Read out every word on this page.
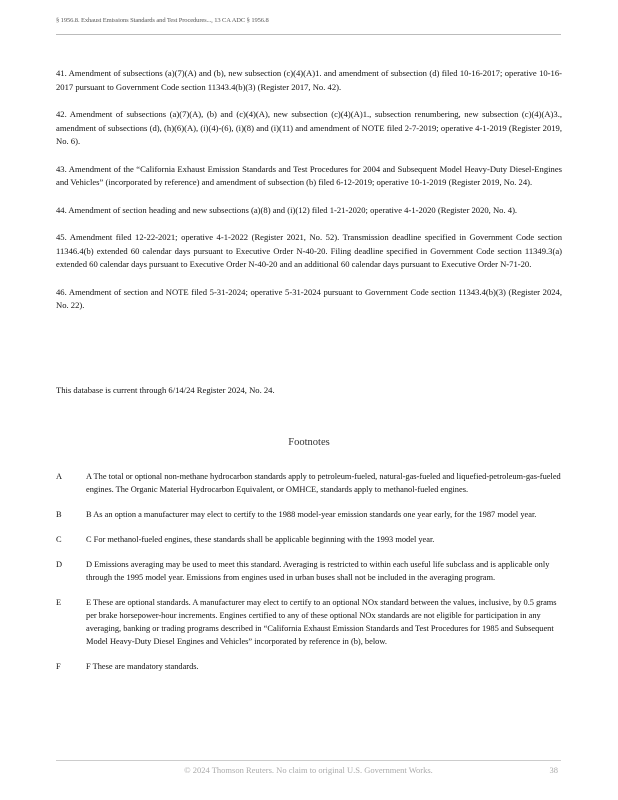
§ 1956.8. Exhaust Emissions Standards and Test Procedures..., 13 CA ADC § 1956.8

41. Amendment of subsections (a)(7)(A) and (b), new subsection (c)(4)(A)1. and amendment of subsection (d) filed 10-16-2017; operative 10-16-2017 pursuant to Government Code section 11343.4(b)(3) (Register 2017, No. 42).

42. Amendment of subsections (a)(7)(A), (b) and (c)(4)(A), new subsection (c)(4)(A)1., subsection renumbering, new subsection (c)(4)(A)3., amendment of subsections (d), (h)(6)(A), (i)(4)-(6), (i)(8) and (i)(11) and amendment of NOTE filed 2-7-2019; operative 4-1-2019 (Register 2019, No. 6).

43. Amendment of the “California Exhaust Emission Standards and Test Procedures for 2004 and Subsequent Model Heavy-Duty Diesel-Engines and Vehicles” (incorporated by reference) and amendment of subsection (b) filed 6-12-2019; operative 10-1-2019 (Register 2019, No. 24).

44. Amendment of section heading and new subsections (a)(8) and (i)(12) filed 1-21-2020; operative 4-1-2020 (Register 2020, No. 4).

45. Amendment filed 12-22-2021; operative 4-1-2022 (Register 2021, No. 52). Transmission deadline specified in Government Code section 11346.4(b) extended 60 calendar days pursuant to Executive Order N-40-20. Filing deadline specified in Government Code section 11349.3(a) extended 60 calendar days pursuant to Executive Order N-40-20 and an additional 60 calendar days pursuant to Executive Order N-71-20.

46. Amendment of section and NOTE filed 5-31-2024; operative 5-31-2024 pursuant to Government Code section 11343.4(b)(3) (Register 2024, No. 22).

This database is current through 6/14/24 Register 2024, No. 24.
Footnotes
A	A The total or optional non-methane hydrocarbon standards apply to petroleum-fueled, natural-gas-fueled and liquefied-petroleum-gas-fueled engines. The Organic Material Hydrocarbon Equivalent, or OMHCE, standards apply to methanol-fueled engines.
B	B As an option a manufacturer may elect to certify to the 1988 model-year emission standards one year early, for the 1987 model year.
C	C For methanol-fueled engines, these standards shall be applicable beginning with the 1993 model year.
D	D Emissions averaging may be used to meet this standard. Averaging is restricted to within each useful life subclass and is applicable only through the 1995 model year. Emissions from engines used in urban buses shall not be included in the averaging program.
E	E These are optional standards. A manufacturer may elect to certify to an optional NOx standard between the values, inclusive, by 0.5 grams per brake horsepower-hour increments. Engines certified to any of these optional NOx standards are not eligible for participation in any averaging, banking or trading programs described in “California Exhaust Emission Standards and Test Procedures for 1985 and Subsequent Model Heavy-Duty Diesel Engines and Vehicles” incorporated by reference in (b), below.
F	F These are mandatory standards.
© 2024 Thomson Reuters. No claim to original U.S. Government Works.	38
